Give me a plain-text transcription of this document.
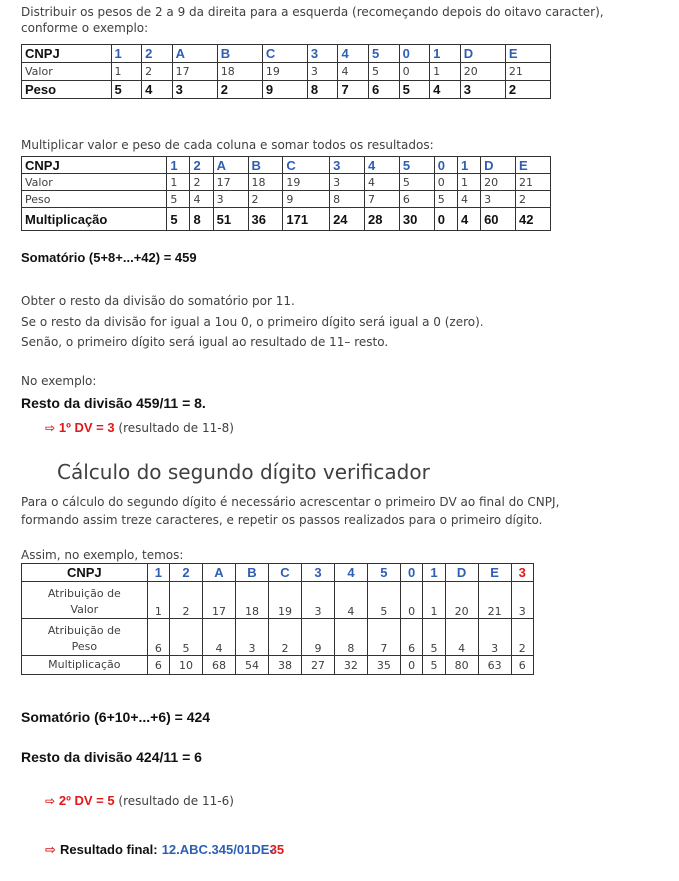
Distribuir os pesos de 2 a 9 da direita para a esquerda (recomeçando depois do oitavo caracter),

conforme o exemplo:

CNPJ	1	2	A	B	C	3	4	5	0	1	D	E
Valor	1	2	17	18	19	3	4	5	0	1	20	21
Peso	5	4	3	2	9	8	7	6	5	4	3	2

Multiplicar valor e peso de cada coluna e somar todos os resultados:

CNPJ	1	2	A	B	C	3	4	5	0	1	D	E
Valor	1	2	17	18	19	3	4	5	0	1	20	21
Peso	5	4	3	2	9	8	7	6	5	4	3	2
Multiplicação	5	8	51	36	171	24	28	30	0	4	60	42

Somatório (5+8+...+42) = 459

Obter o resto da divisão do somatório por 11.

Se o resto da divisão for igual a 1ou 0, o primeiro dígito será igual a 0 (zero).

Senão, o primeiro dígito será igual ao resultado de 11– resto.

No exemplo:

Resto da divisão 459/11 = 8.

⇨ 1º DV = 3 (resultado de 11-8)

Cálculo do segundo dígito verificador

Para o cálculo do segundo dígito é necessário acrescentar o primeiro DV ao final do CNPJ,

formando assim treze caracteres, e repetir os passos realizados para o primeiro dígito.

Assim, no exemplo, temos:

CNPJ	1	2	A	B	C	3	4	5	0	1	D	E	3
Atribuição de
Valor	1	2	17	18	19	3	4	5	0	1	20	21	3
Atribuição de
Peso	6	5	4	3	2	9	8	7	6	5	4	3	2
Multiplicação	6	10	68	54	38	27	32	35	0	5	80	63	6

Somatório (6+10+...+6) = 424

Resto da divisão 424/11 = 6

⇨ 2º DV = 5 (resultado de 11-6)

⇨ Resultado final: 12.ABC.345/01DE-35
